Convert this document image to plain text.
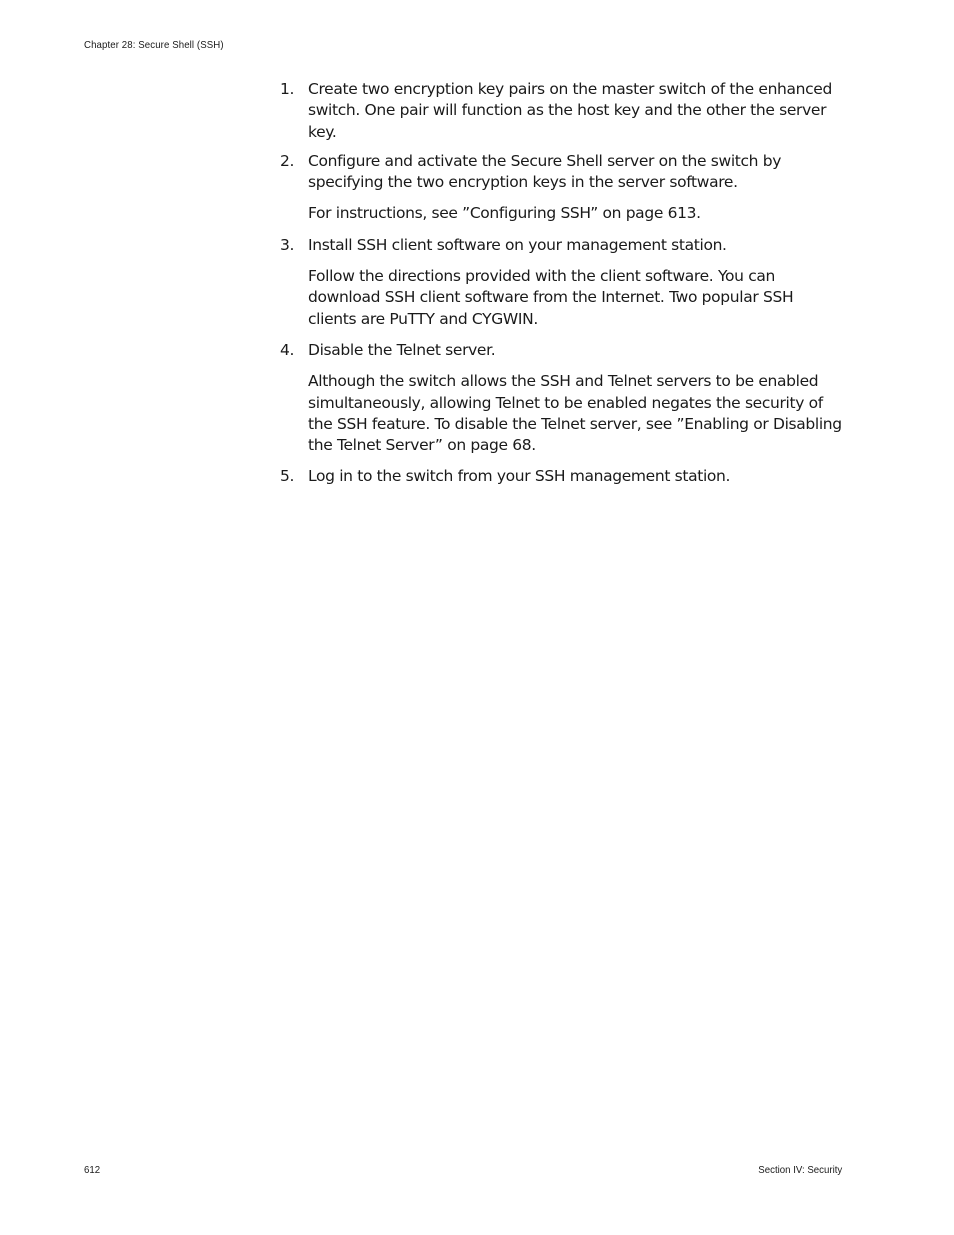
Chapter 28: Secure Shell (SSH)
1. Create two encryption key pairs on the master switch of the enhanced switch. One pair will function as the host key and the other the server key.
2. Configure and activate the Secure Shell server on the switch by specifying the two encryption keys in the server software.
For instructions, see ”Configuring SSH” on page 613.
3. Install SSH client software on your management station.
Follow the directions provided with the client software. You can download SSH client software from the Internet. Two popular SSH clients are PuTTY and CYGWIN.
4. Disable the Telnet server.
Although the switch allows the SSH and Telnet servers to be enabled simultaneously, allowing Telnet to be enabled negates the security of the SSH feature. To disable the Telnet server, see ”Enabling or Disabling the Telnet Server” on page 68.
5. Log in to the switch from your SSH management station.
612	Section IV: Security
